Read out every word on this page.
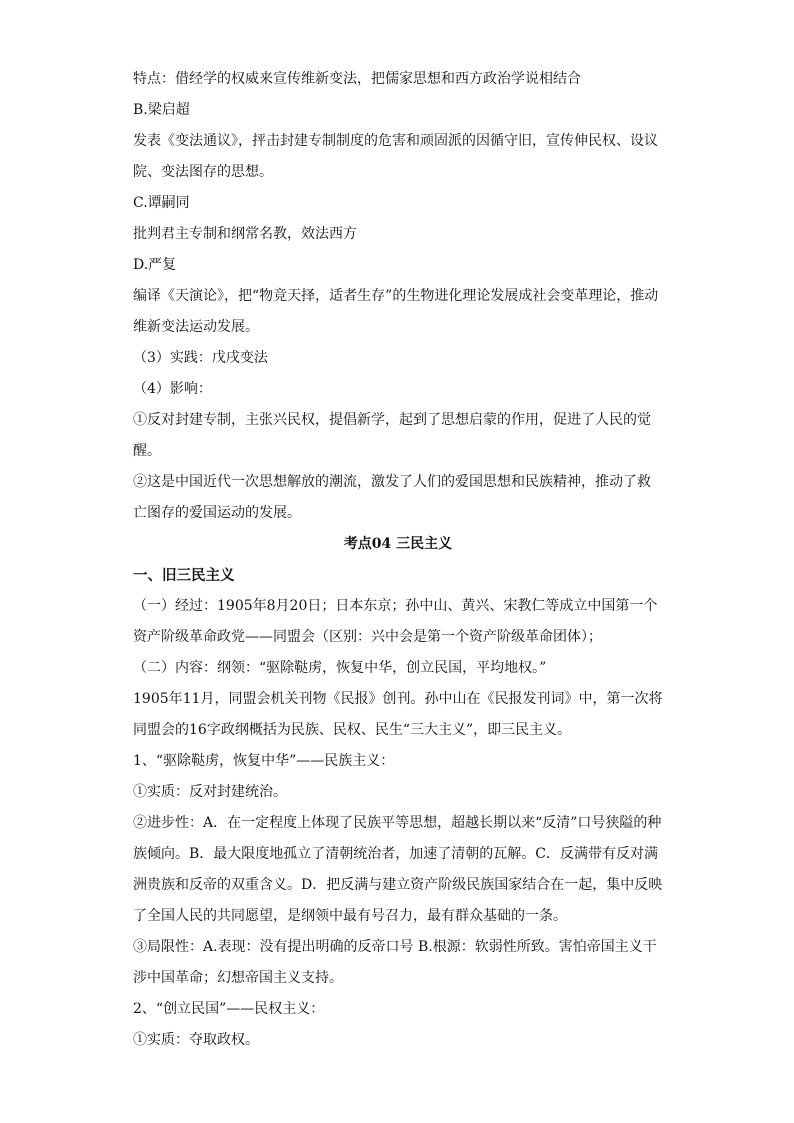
特点：借经学的权威来宣传维新变法，把儒家思想和西方政治学说相结合
B.梁启超
发表《变法通议》，抨击封建专制制度的危害和顽固派的因循守旧，宣传伸民权、设议
院、变法图存的思想。
C.谭嗣同
批判君主专制和纲常名教，效法西方
D.严复
编译《天演论》，把“物竞天择，适者生存”的生物进化理论发展成社会变革理论，推动
维新变法运动发展。
（3）实践：戊戌变法
（4）影响：
①反对封建专制，主张兴民权，提倡新学，起到了思想启蒙的作用，促进了人民的觉
醒。
②这是中国近代一次思想解放的潮流，激发了人们的爱国思想和民族精神，推动了救
亡图存的爱国运动的发展。
考点04 三民主义
一、旧三民主义
（一）经过：1905年8月20日；日本东京；孙中山、黄兴、宋教仁等成立中国第一个
资产阶级革命政党——同盟会（区别：兴中会是第一个资产阶级革命团体）；
（二）内容：纲领：“驱除鞑虏，恢复中华，创立民国，平均地权。”
1905年11月，同盟会机关刊物《民报》创刊。孙中山在《民报发刊词》中，第一次将
同盟会的16字政纲概括为民族、民权、民生“三大主义”，即三民主义。
1、“驱除鞑虏，恢复中华”——民族主义：
①实质：反对封建统治。
②进步性：A．在一定程度上体现了民族平等思想，超越长期以来“反清”口号狭隘的种
族倾向。B．最大限度地孤立了清朝统治者，加速了清朝的瓦解。C．反满带有反对满
洲贵族和反帝的双重含义。D．把反满与建立资产阶级民族国家结合在一起，集中反映
了全国人民的共同愿望，是纲领中最有号召力，最有群众基础的一条。
③局限性：A.表现：没有提出明确的反帝口号 B.根源：软弱性所致。害怕帝国主义干
涉中国革命；幻想帝国主义支持。
2、“创立民国”——民权主义：
①实质：夺取政权。
